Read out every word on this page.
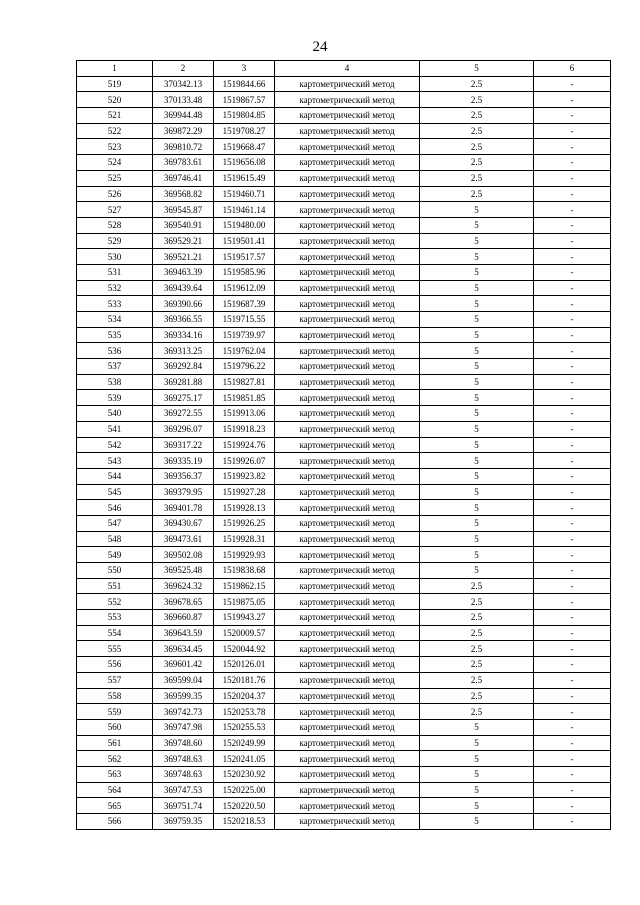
24
1	2	3	4	5	6
519	370342.13	1519844.66	картометрический метод	2.5	-
520	370133.48	1519867.57	картометрический метод	2.5	-
521	369944.48	1519804.85	картометрический метод	2.5	-
522	369872.29	1519708.27	картометрический метод	2.5	-
523	369810.72	1519668.47	картометрический метод	2.5	-
524	369783.61	1519656.08	картометрический метод	2.5	-
525	369746.41	1519615.49	картометрический метод	2.5	-
526	369568.82	1519460.71	картометрический метод	2.5	-
527	369545.87	1519461.14	картометрический метод	5	-
528	369540.91	1519480.00	картометрический метод	5	-
529	369529.21	1519501.41	картометрический метод	5	-
530	369521.21	1519517.57	картометрический метод	5	-
531	369463.39	1519585.96	картометрический метод	5	-
532	369439.64	1519612.09	картометрический метод	5	-
533	369390.66	1519687.39	картометрический метод	5	-
534	369366.55	1519715.55	картометрический метод	5	-
535	369334.16	1519739.97	картометрический метод	5	-
536	369313.25	1519762.04	картометрический метод	5	-
537	369292.84	1519796.22	картометрический метод	5	-
538	369281.88	1519827.81	картометрический метод	5	-
539	369275.17	1519851.85	картометрический метод	5	-
540	369272.55	1519913.06	картометрический метод	5	-
541	369296.07	1519918.23	картометрический метод	5	-
542	369317.22	1519924.76	картометрический метод	5	-
543	369335.19	1519926.07	картометрический метод	5	-
544	369356.37	1519923.82	картометрический метод	5	-
545	369379.95	1519927.28	картометрический метод	5	-
546	369401.78	1519928.13	картометрический метод	5	-
547	369430.67	1519926.25	картометрический метод	5	-
548	369473.61	1519928.31	картометрический метод	5	-
549	369502.08	1519929.93	картометрический метод	5	-
550	369525.48	1519838.68	картометрический метод	5	-
551	369624.32	1519862.15	картометрический метод	2.5	-
552	369678.65	1519875.05	картометрический метод	2.5	-
553	369660.87	1519943.27	картометрический метод	2.5	-
554	369643.59	1520009.57	картометрический метод	2.5	-
555	369634.45	1520044.92	картометрический метод	2.5	-
556	369601.42	1520126.01	картометрический метод	2.5	-
557	369599.04	1520181.76	картометрический метод	2.5	-
558	369599.35	1520204.37	картометрический метод	2.5	-
559	369742.73	1520253.78	картометрический метод	2.5	-
560	369747.98	1520255.53	картометрический метод	5	-
561	369748.60	1520249.99	картометрический метод	5	-
562	369748.63	1520241.05	картометрический метод	5	-
563	369748.63	1520230.92	картометрический метод	5	-
564	369747.53	1520225.00	картометрический метод	5	-
565	369751.74	1520220.50	картометрический метод	5	-
566	369759.35	1520218.53	картометрический метод	5	-
